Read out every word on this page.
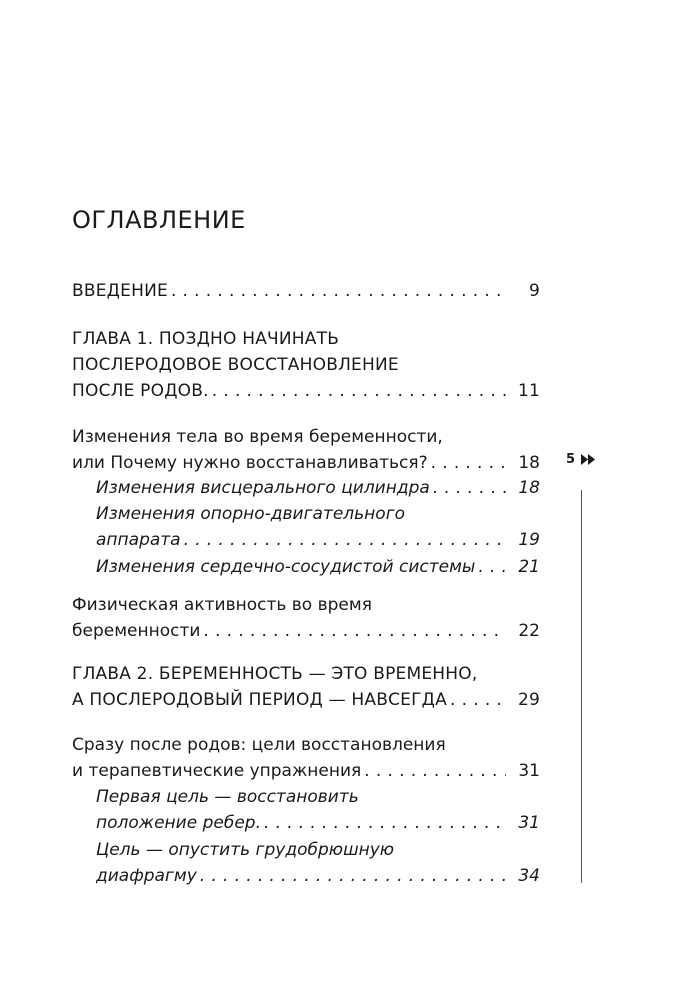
ОГЛАВЛЕНИЕ
ВВЕДЕНИЕ . . .	9
ГЛАВА 1. ПОЗДНО НАЧИНАТЬ
ПОСЛЕРОДОВОЕ ВОССТАНОВЛЕНИЕ
ПОСЛЕ РОДОВ. . . .	11
Изменения тела во время беременности,
или Почему нужно восстанавливаться? . . .	18
Изменения висцерального цилиндра . . .	18
Изменения опорно-двигательного
аппарата . . .	19
Изменения сердечно-сосудистой системы . . .	21
Физическая активность во время
беременности . . .	22
ГЛАВА 2. БЕРЕМЕННОСТЬ — ЭТО ВРЕМЕННО,
А ПОСЛЕРОДОВЫЙ ПЕРИОД — НАВСЕГДА . . .	29
Сразу после родов: цели восстановления
и терапевтические упражнения . . .	31
Первая цель — восстановить
положение ребер. . . .	31
Цель — опустить грудобрюшную
диафрагму . . .	34
5
